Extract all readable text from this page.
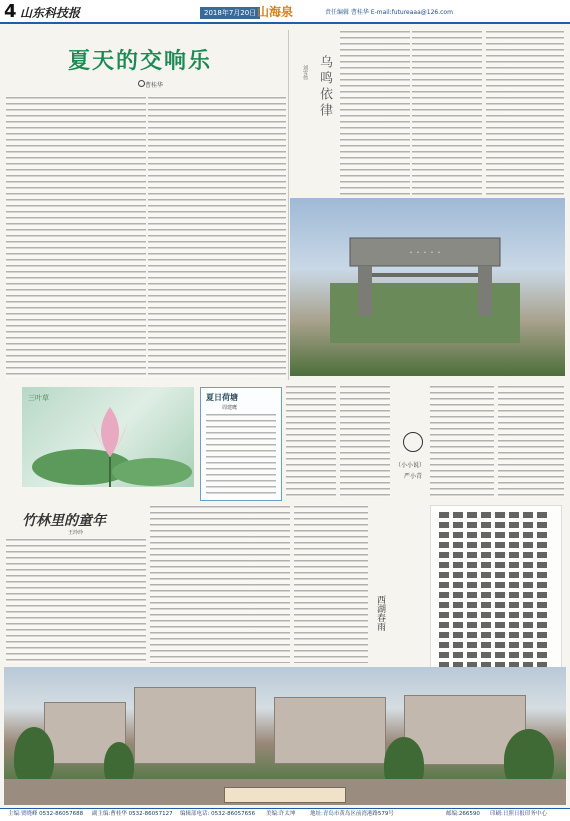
4 山东科技报	2018年7月20日 山海泉	责任编辑 曹桂华 E-mail:futureaaa@126.com
夏天的交响乐
曹桂华	乌鸣依律
刘雪伟
· · · · ·
三叶草	夏日荷塘
周建鹰
（小小说）
严小青
竹林里的童年
王玲玲
西湖春雨
主编:贾晓峰 0532-86057688 副主编:曹桂华 0532-86057127 编辑部电话: 0532-86057656 美编:许太坤	地址:青岛市黄岛区前湾港路579号	邮编:266590 印刷:日照日报印务中心
